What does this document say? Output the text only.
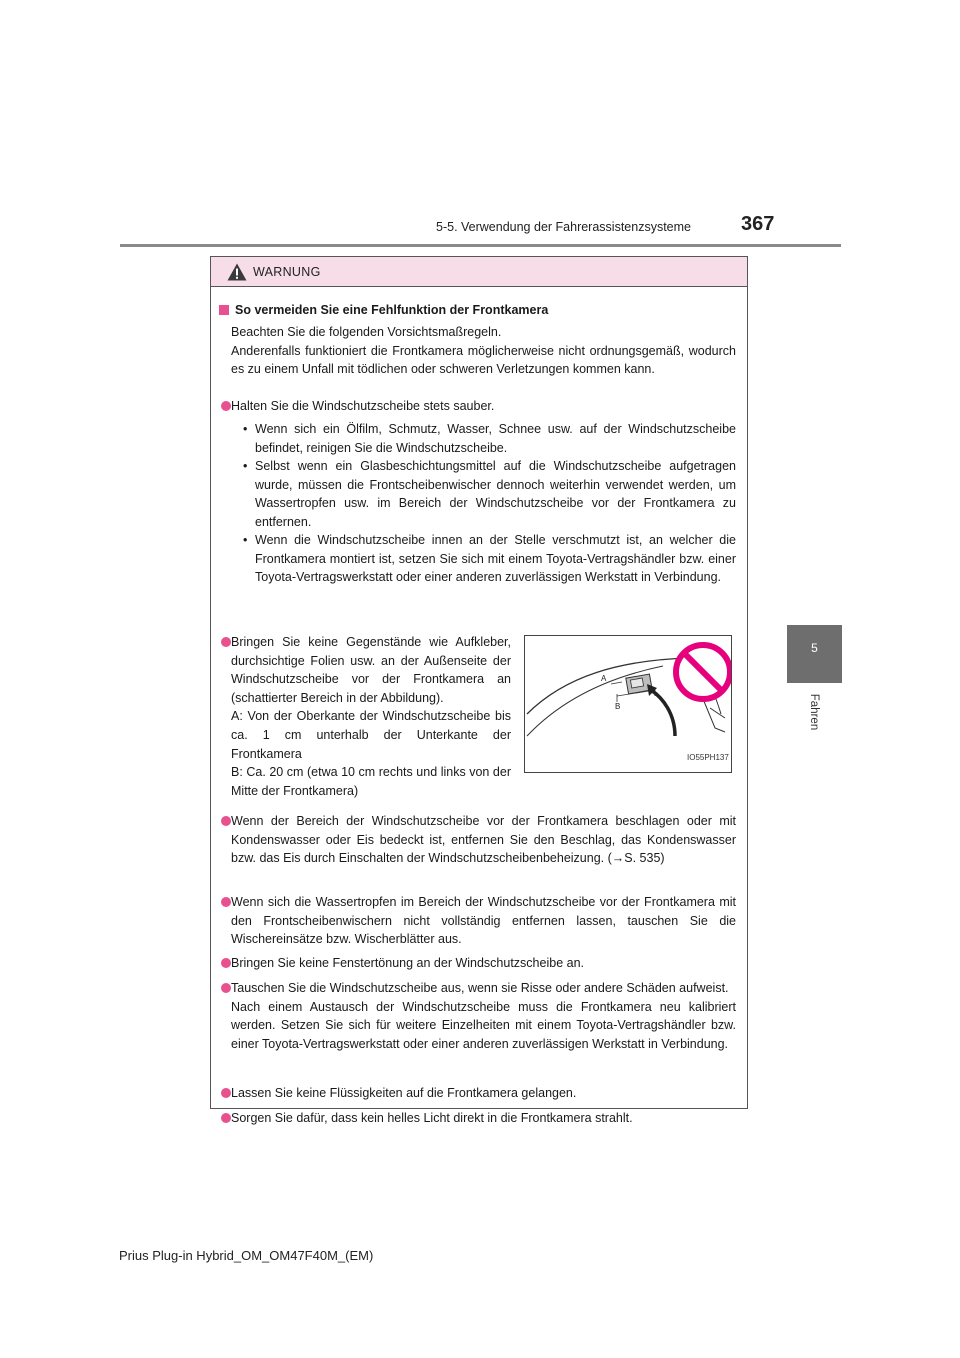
5-5. Verwendung der Fahrerassistenzsysteme	367
5
Fahren
WARNUNG
So vermeiden Sie eine Fehlfunktion der Frontkamera
Beachten Sie die folgenden Vorsichtsmaßregeln.
Anderenfalls funktioniert die Frontkamera möglicherweise nicht ordnungsgemäß, wodurch es zu einem Unfall mit tödlichen oder schweren Verletzungen kommen kann.
Halten Sie die Windschutzscheibe stets sauber.
• Wenn sich ein Ölfilm, Schmutz, Wasser, Schnee usw. auf der Windschutzscheibe befindet, reinigen Sie die Windschutzscheibe.
• Selbst wenn ein Glasbeschichtungsmittel auf die Windschutzscheibe aufgetragen wurde, müssen die Frontscheibenwischer dennoch weiterhin verwendet werden, um Wassertropfen usw. im Bereich der Windschutzscheibe vor der Frontkamera zu entfernen.
• Wenn die Windschutzscheibe innen an der Stelle verschmutzt ist, an welcher die Frontkamera montiert ist, setzen Sie sich mit einem Toyota-Vertragshändler bzw. einer Toyota-Vertragswerkstatt oder einer anderen zuverlässigen Werkstatt in Verbindung.
Bringen Sie keine Gegenstände wie Aufkleber, durchsichtige Folien usw. an der Außenseite der Windschutzscheibe vor der Frontkamera an (schattierter Bereich in der Abbildung).
A: Von der Oberkante der Windschutzscheibe bis ca. 1 cm unterhalb der Unterkante der Frontkamera
B: Ca. 20 cm (etwa 10 cm rechts und links von der Mitte der Frontkamera)
A
B
IO55PH137
Wenn der Bereich der Windschutzscheibe vor der Frontkamera beschlagen oder mit Kondenswasser oder Eis bedeckt ist, entfernen Sie den Beschlag, das Kondenswasser bzw. das Eis durch Einschalten der Windschutzscheibenbeheizung. (→S. 535)
Wenn sich die Wassertropfen im Bereich der Windschutzscheibe vor der Frontkamera mit den Frontscheibenwischern nicht vollständig entfernen lassen, tauschen Sie die Wischereinsätze bzw. Wischerblätter aus.
Bringen Sie keine Fenstertönung an der Windschutzscheibe an.
Tauschen Sie die Windschutzscheibe aus, wenn sie Risse oder andere Schäden aufweist.
Nach einem Austausch der Windschutzscheibe muss die Frontkamera neu kalibriert werden. Setzen Sie sich für weitere Einzelheiten mit einem Toyota-Vertragshändler bzw. einer Toyota-Vertragswerkstatt oder einer anderen zuverlässigen Werkstatt in Verbindung.
Lassen Sie keine Flüssigkeiten auf die Frontkamera gelangen.
Sorgen Sie dafür, dass kein helles Licht direkt in die Frontkamera strahlt.
Prius Plug-in Hybrid_OM_OM47F40M_(EM)
